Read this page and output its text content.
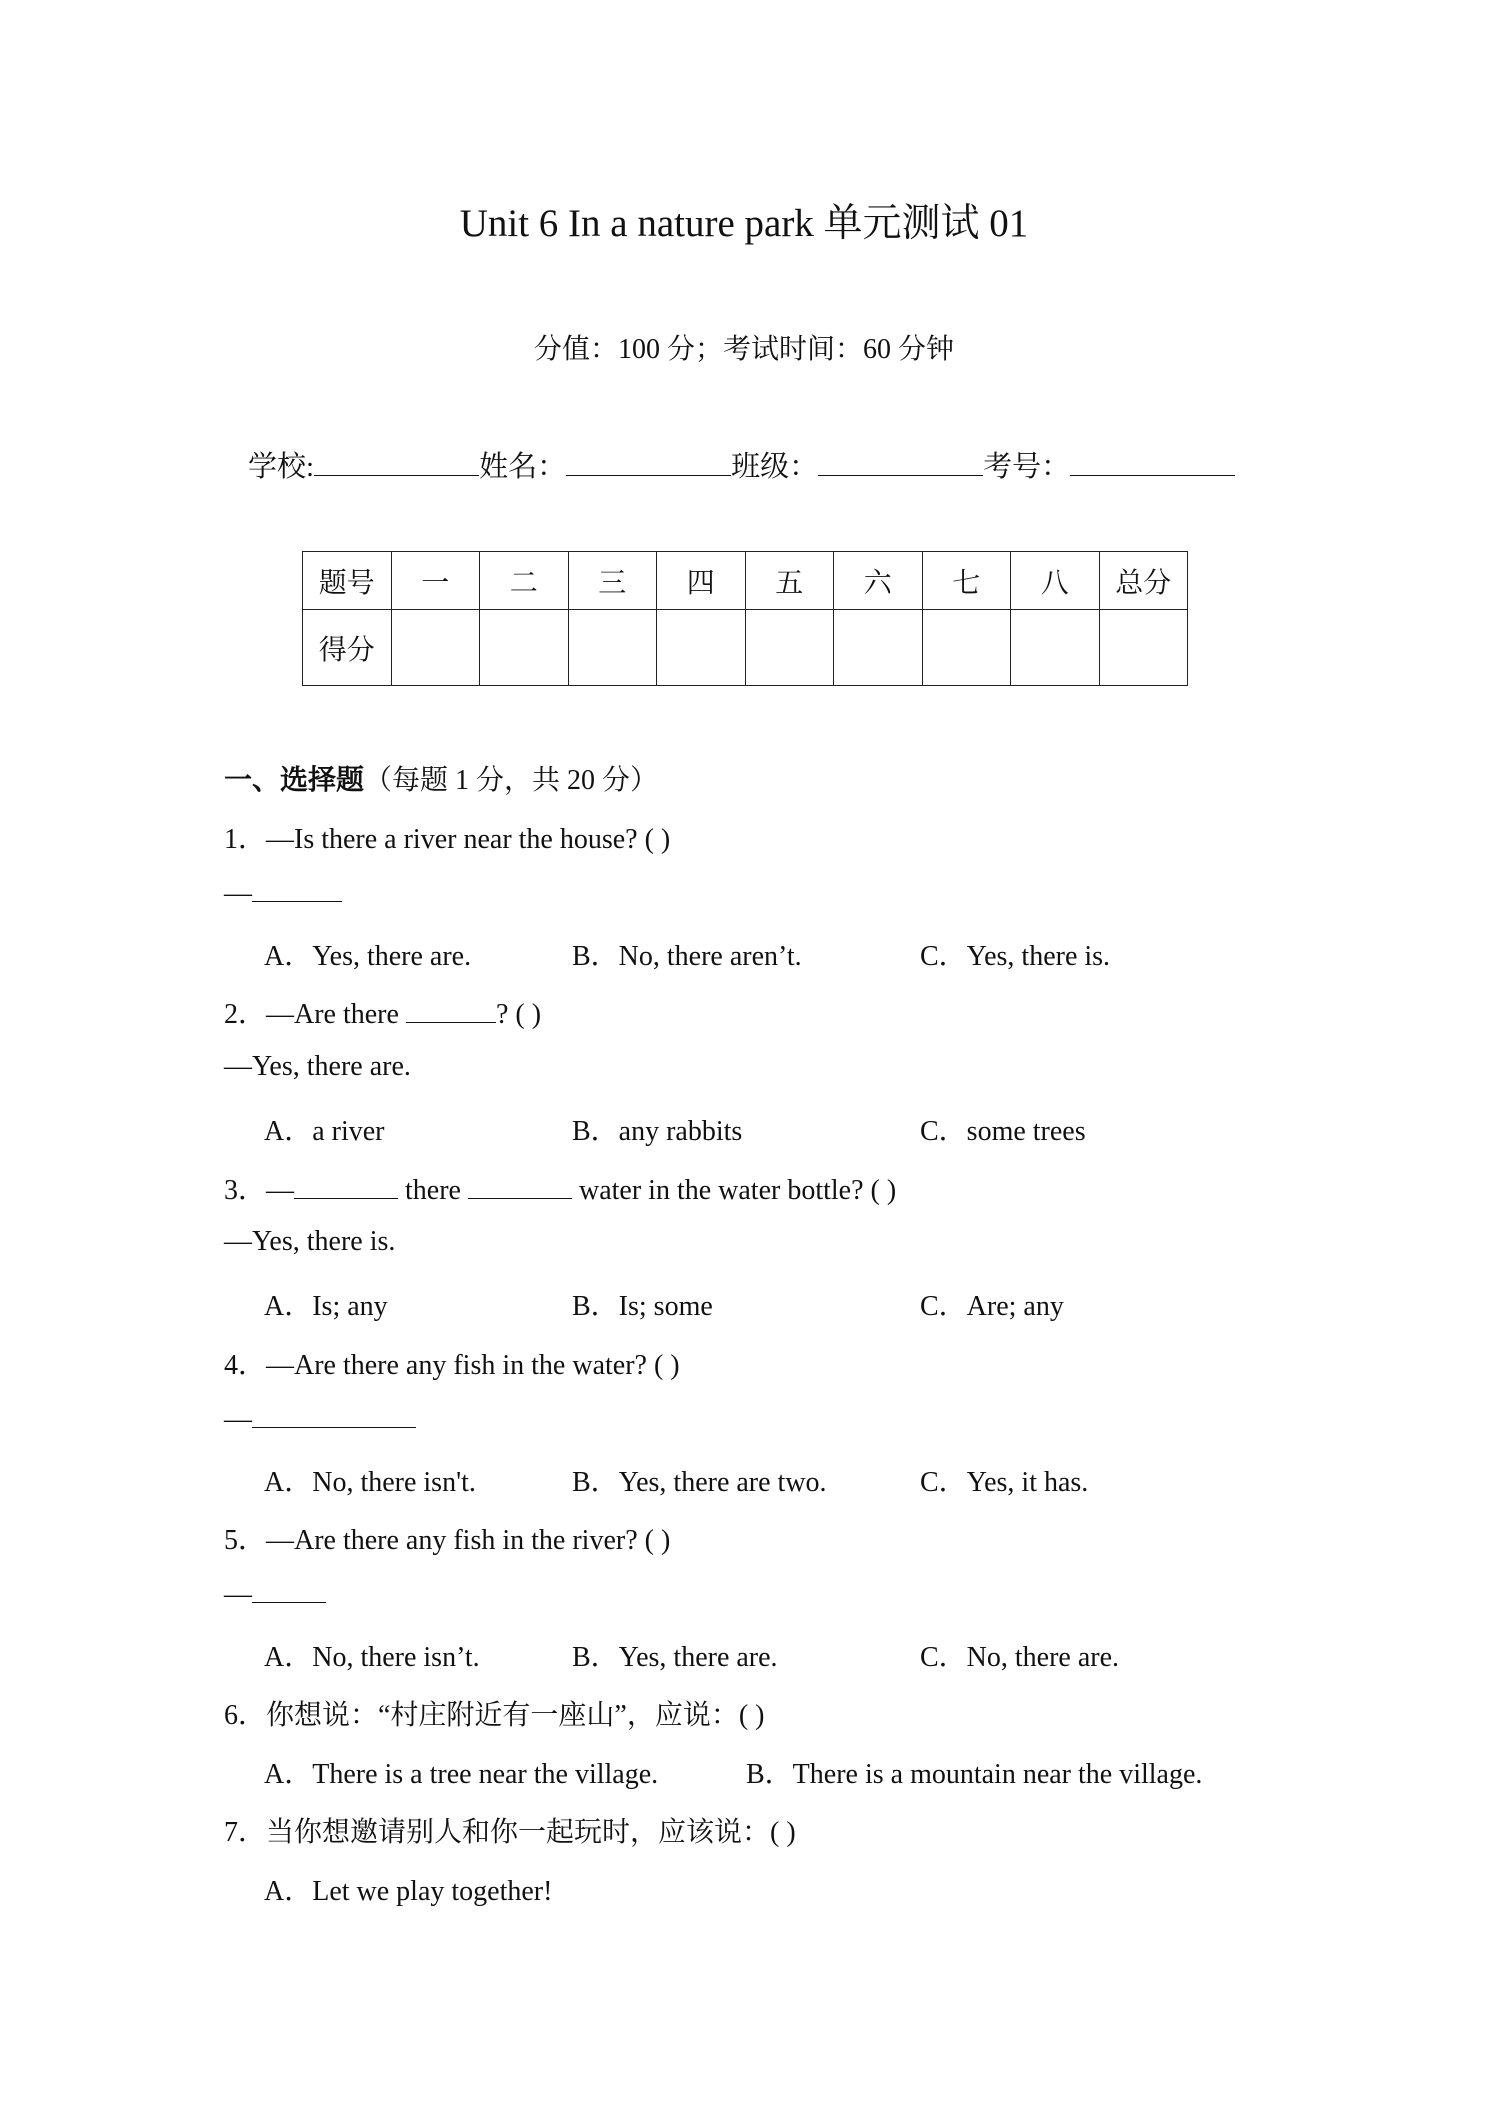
Unit 6 In a nature park 单元测试 01
分值：100 分；考试时间：60 分钟
学校:	姓名：	班级：	考号：
题号	一	二	三	四	五	六	七	八	总分
得分									
一、选择题（每题 1 分，共 20 分）
1．—Is there a river near the house? ( )
—
A．Yes, there are.	B．No, there aren’t.	C．Yes, there is.
2．—Are there	? ( )
—Yes, there are.
A．a river	B．any rabbits	C．some trees
3．—	there	water in the water bottle? ( )
—Yes, there is.
A．Is; any	B．Is; some	C．Are; any
4．—Are there any fish in the water? ( )
—
A．No, there isn't.	B．Yes, there are two.	C．Yes, it has.
5．—Are there any fish in the river? ( )
—
A．No, there isn’t.	B．Yes, there are.	C．No, there are.
6．你想说：“村庄附近有一座山”，应说：( )
A．There is a tree near the village.	B．There is a mountain near the village.
7．当你想邀请别人和你一起玩时，应该说：( )
A．Let we play together!
